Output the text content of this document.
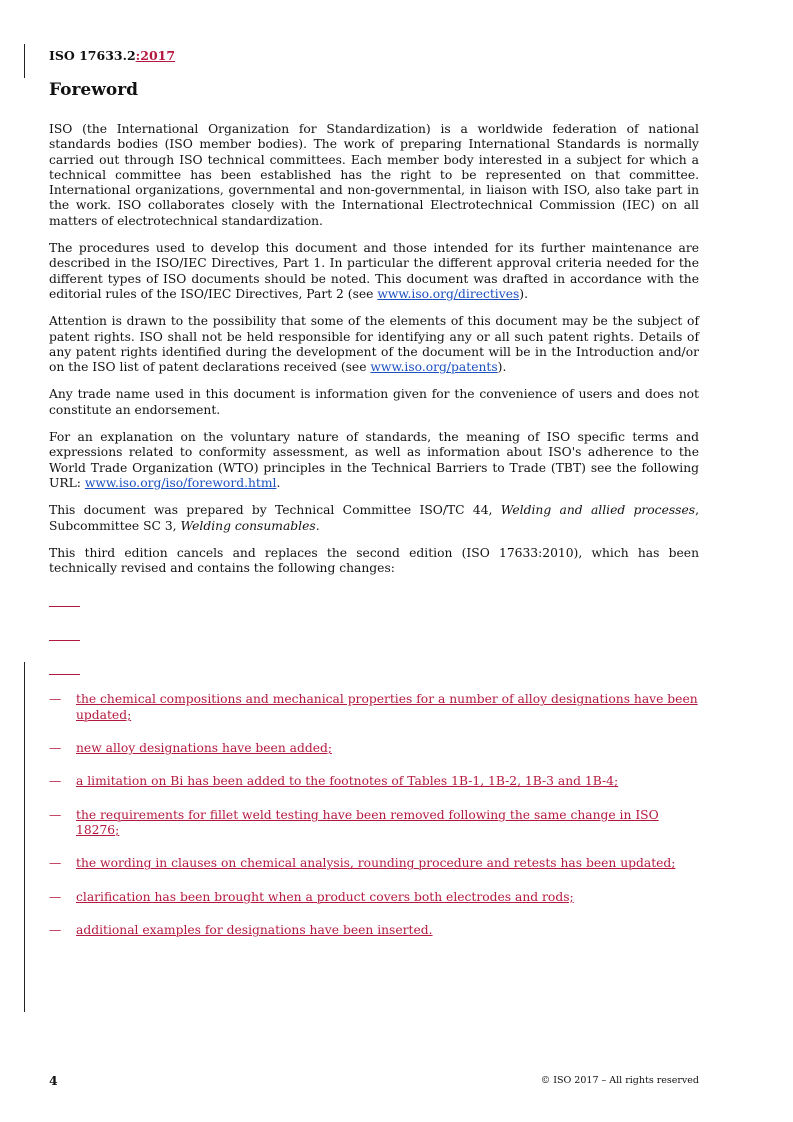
ISO 17633.2:2017
Foreword

ISO (the International Organization for Standardization) is a worldwide federation of national standards bodies (ISO member bodies). The work of preparing International Standards is normally carried out through ISO technical committees. Each member body interested in a subject for which a technical committee has been established has the right to be represented on that committee. International organizations, governmental and non-governmental, in liaison with ISO, also take part in the work. ISO collaborates closely with the International Electrotechnical Commission (IEC) on all matters of electrotechnical standardization.

The procedures used to develop this document and those intended for its further maintenance are described in the ISO/IEC Directives, Part 1. In particular the different approval criteria needed for the different types of ISO documents should be noted. This document was drafted in accordance with the editorial rules of the ISO/IEC Directives, Part 2 (see www.iso.org/directives).

Attention is drawn to the possibility that some of the elements of this document may be the subject of patent rights. ISO shall not be held responsible for identifying any or all such patent rights. Details of any patent rights identified during the development of the document will be in the Introduction and/or on the ISO list of patent declarations received (see www.iso.org/patents).

Any trade name used in this document is information given for the convenience of users and does not constitute an endorsement.

For an explanation on the voluntary nature of standards, the meaning of ISO specific terms and expressions related to conformity assessment, as well as information about ISO's adherence to the World Trade Organization (WTO) principles in the Technical Barriers to Trade (TBT) see the following URL: www.iso.org/iso/foreword.html.

This document was prepared by Technical Committee ISO/TC 44, Welding and allied processes, Subcommittee SC 3, Welding consumables.

This third edition cancels and replaces the second edition (ISO 17633:2010), which has been technically revised and contains the following changes:

— the chemical compositions and mechanical properties for a number of alloy designations have been updated;
— new alloy designations have been added;
— a limitation on Bi has been added to the footnotes of Tables 1B-1, 1B-2, 1B-3 and 1B-4;
— the requirements for fillet weld testing have been removed following the same change in ISO 18276;
— the wording in clauses on chemical analysis, rounding procedure and retests has been updated;
— clarification has been brought when a product covers both electrodes and rods;
— additional examples for designations have been inserted.
4	© ISO 2017 – All rights reserved
